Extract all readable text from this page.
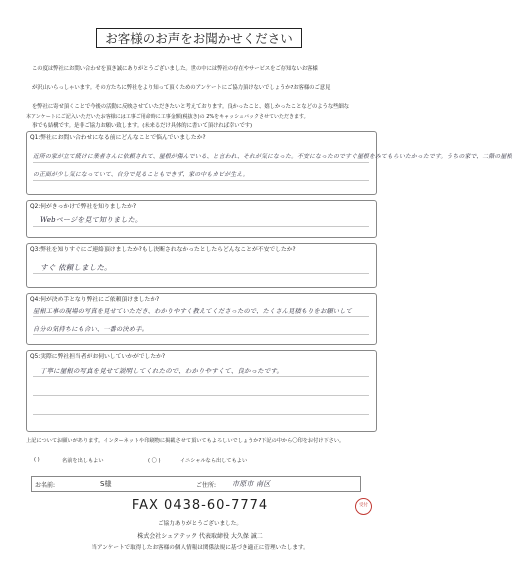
お客様のお声をお聞かせください

この度は弊社にお問い合わせを頂き誠にありがとうございました。世の中には弊社の存在やサービスをご存知ないお客様

が沢山いらっしゃいます。その方たちに弊社をより知って頂くためのアンケートにご協力頂けないでしょうか?お客様のご意見

を弊社に寄せ頂くことで今後の活動に反映させていただきたいと考えております。良かったこと、嬉しかったことなどのような些細な

事でも結構です。是非ご協力お願い致します。(未来るだけ具体的に書いて頂ければ幸いです)

本アンケートにご記入いただいたお客様には工事ご用命時に工事金額(税抜き)の 2%をキャッシュバックさせていただきます。
Q1:弊社にお問い合わせになる前にどんなことで悩んでいましたか?
近所の家が立て続けに業者さんに依頼されて、屋根が傷んでいる、と言われ、それが気になった。不安になったのですぐ屋根をみてもらいたかったです。うちの家で、二階の屋根
の正面が少し気になっていて、自分で見ることもできず、家の中もカビが生え。
Q2:何がきっかけで弊社を知りましたか?
Webページを見て知りました。
Q3:弊社を知りすぐにご連絡頂けましたか?もし決断されなかったとしたらどんなことが不安でしたか?
すぐ 依頼しました。
Q4:何が決め手となり弊社にご依頼頂けましたか?
屋根工事の現場の写真を見せていただき、わかりやすく教えてくださったので、たくさん見積もりをお願いして
自分の気持ちにも合い、一番の決め手。
Q5:実際に弊社担当者がお伺いしていかがでしたか?
丁寧に屋根の写真を見せて説明してくれたので、わかりやすくて、良かったです。
上記についてお願いがあります。インターネットや印刷物に掲載させて頂いてもよろしいでしょうか?下記の中から〇印をお付け下さい。
( )	名前を出しもよい	( 〇 )	イニシャルなら出してもよい
お名前:	S様	ご住所: 市原市 南区
FAX 0438-60-7774	受付
ご協力ありがとうございました。
株式会社シェアテック 代表取締役 大久保 誠二
当アンケートで取得したお客様の個人情報は関係法規に基づき適正に管理いたします。
